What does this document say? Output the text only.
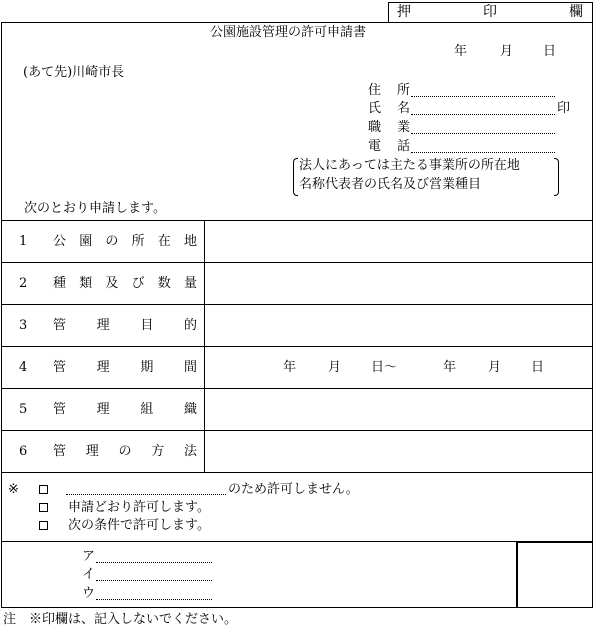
押	印	欄
公園施設管理の許可申請書
年	月 日
(あて先)川崎市長
住 所
氏 名	印
職 業
電 話
法人にあっては主たる事業所の所在地
名称代表者の氏名及び営業種目
次のとおり申請します。
1 公 園 の 所 在 地
2 種 類 及 び 数 量
3 管 理 目 的
4 管 理 期 間	年 月 日〜	年 月 日
5 管 理 組 織
6 管 理 の 方 法
※	のため許可しません。
申請どおり許可します。
次の条件で許可します。
ア
イ
ウ
注　※印欄は、記入しないでください。
